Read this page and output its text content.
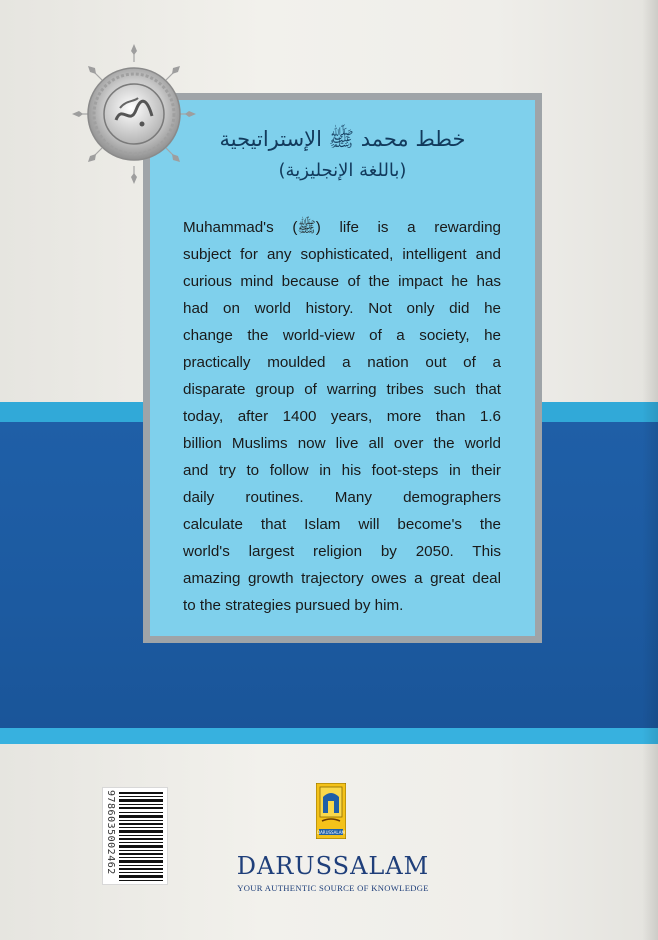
خطط محمد ﷺ الإستراتيجية
(باللغة الإنجليزية)
Muhammad's (ﷺ) life is a rewarding
subject for any sophisticated, intelligent and
curious mind because of the impact he has
had on world history. Not only did he
change the world-view of a society, he
practically moulded a nation out of a
disparate group of warring tribes such that
today, after 1400 years, more than 1.6
billion Muslims now live all over the world
and try to follow in his foot-steps in their
daily routines. Many demographers
calculate that Islam will become's the
world's largest religion by 2050. This
amazing growth trajectory owes a great deal
to the strategies pursued by him.
9786035002462	DARUSSALAM
DARUSSALAM
YOUR AUTHENTIC SOURCE OF KNOWLEDGE
